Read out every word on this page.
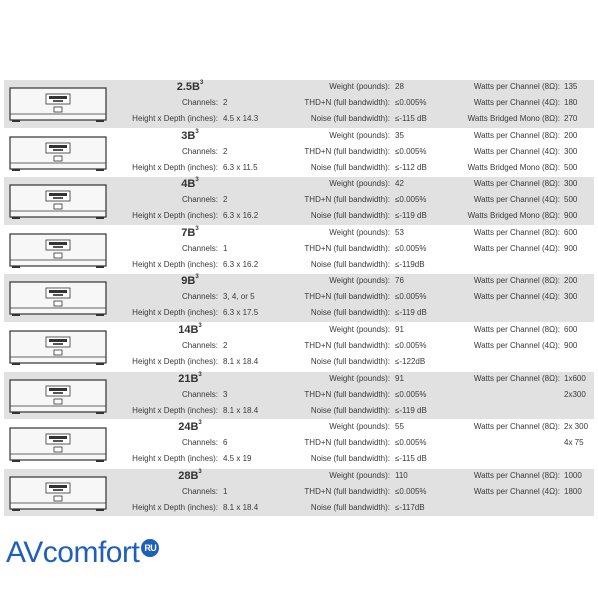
$2.5B^3$
Channels: 2
Height x Depth (inches): 4.5 x 14.3
Weight (pounds): 28
THD+N (full bandwidth): ≤0.005%
Noise (full bandwidth): ≤-115 dB
Watts per Channel (8Ω): 135
Watts per Channel (4Ω): 180
Watts Bridged Mono (8Ω): 270
$3B^3$
Channels: 2
Height x Depth (inches): 6.3 x 11.5
Weight (pounds): 35
THD+N (full bandwidth): ≤0.005%
Noise (full bandwidth): ≤-112 dB
Watts per Channel (8Ω): 200
Watts per Channel (4Ω): 300
Watts Bridged Mono (8Ω): 500
$4B^3$
Channels: 2
Height x Depth (inches): 6.3 x 16.2
Weight (pounds): 42
THD+N (full bandwidth): ≤0.005%
Noise (full bandwidth): ≤-119 dB
Watts per Channel (8Ω): 300
Watts per Channel (4Ω): 500
Watts Bridged Mono (8Ω): 900
$7B^3$
Channels: 1
Height x Depth (inches): 6.3 x 16.2
Weight (pounds): 53
THD+N (full bandwidth): ≤0.005%
Noise (full bandwidth): ≤-119dB
Watts per Channel (8Ω): 600
Watts per Channel (4Ω): 900
$9B^3$
Channels: 3, 4, or 5
Height x Depth (inches): 6.3 x 17.5
Weight (pounds): 76
THD+N (full bandwidth): ≤0.005%
Noise (full bandwidth): ≤-119 dB
Watts per Channel (8Ω): 200
Watts per Channel (4Ω): 300
$14B^3$
Channels: 2
Height x Depth (inches): 8.1 x 18.4
Weight (pounds): 91
THD+N (full bandwidth): ≤0.005%
Noise (full bandwidth): ≤-122dB
Watts per Channel (8Ω): 600
Watts per Channel (4Ω): 900
$21B^3$
Channels: 3
Height x Depth (inches): 8.1 x 18.4
Weight (pounds): 91
THD+N (full bandwidth): ≤0.005%
Noise (full bandwidth): ≤-119 dB
Watts per Channel (8Ω): 1x600
2x300
$24B^3$
Channels: 6
Height x Depth (inches): 4.5 x 19
Weight (pounds): 55
THD+N (full bandwidth): ≤0.005%
Noise (full bandwidth): ≤-115 dB
Watts per Channel (8Ω): 2x 300
4x 75
$28B^3$
Channels: 1
Height x Depth (inches): 8.1 x 18.4
Weight (pounds): 110
THD+N (full bandwidth): ≤0.005%
Noise (full bandwidth): ≤-117dB
Watts per Channel (8Ω): 1000
Watts per Channel (4Ω): 1800
AVcomfort RU
